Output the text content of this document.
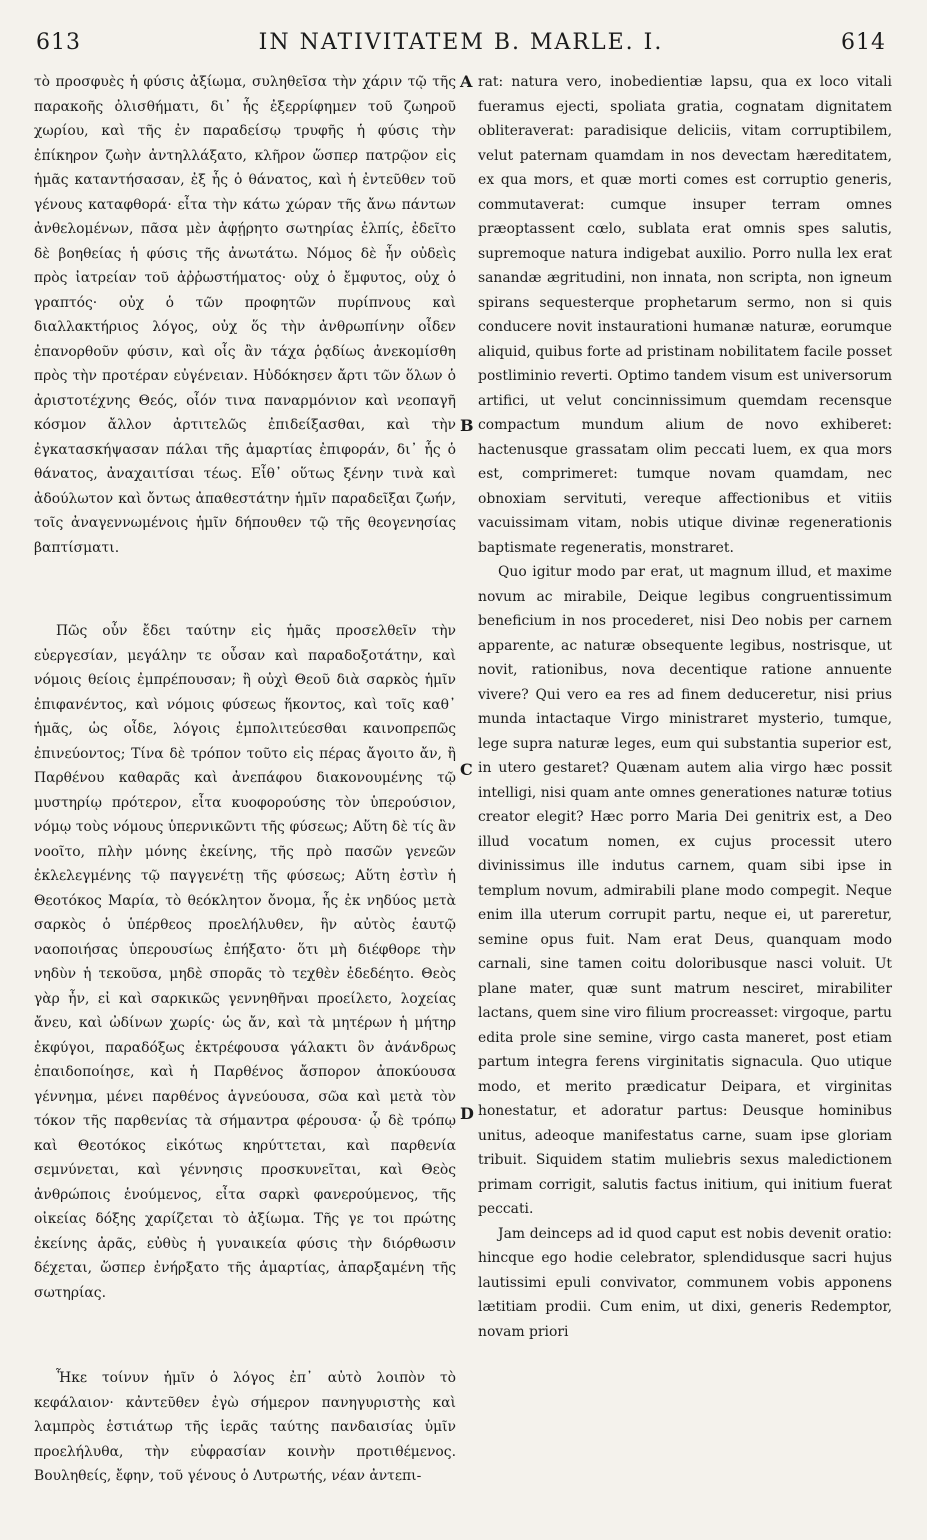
613	IN NATIVITATEM B. MARLE. I.	614

τὸ προσφυὲς ἡ φύσις ἀξίωμα, συληθεῖσα τὴν χάριν τῷ τῆς παρακοῆς ὀλισθήματι, δι᾽ ἧς ἐξερρίφημεν τοῦ ζωηροῦ χωρίου, καὶ τῆς ἐν παραδείσῳ τρυφῆς ἡ φύσις τὴν ἐπίκηρον ζωὴν ἀντηλλάξατο, κλῆρον ὥσπερ πατρῷον εἰς ἡμᾶς καταντήσασαν, ἐξ ἧς ὁ θάνατος, καὶ ἡ ἐντεῦθεν τοῦ γένους καταφθορά· εἶτα τὴν κάτω χώραν τῆς ἄνω πάντων ἀνθελομένων, πᾶσα μὲν ἀφῄρητο σωτηρίας ἐλπίς, ἐδεῖτο δὲ βοηθείας ἡ φύσις τῆς ἀνωτάτω. Νόμος δὲ ἦν οὐδεὶς πρὸς ἰατρείαν τοῦ ἀῤῥωστήματος· οὐχ ὁ ἔμφυτος, οὐχ ὁ γραπτός· οὐχ ὁ τῶν προφητῶν πυρίπνους καὶ διαλλακτήριος λόγος, οὐχ ὅς τὴν ἀνθρωπίνην οἶδεν ἐπανορθοῦν φύσιν, καὶ οἷς ἂν τάχα ῥᾳδίως ἀνεκομίσθη πρὸς τὴν προτέραν εὐγένειαν. Ηὐδόκησεν ἄρτι τῶν ὅλων ὁ ἀριστοτέχνης Θεός, οἷόν τινα παναρμόνιον καὶ νεοπαγῆ κόσμον ἄλλον ἀρτιτελῶς ἐπιδείξασθαι, καὶ τὴν ἐγκατασκήψασαν πάλαι τῆς ἁμαρτίας ἐπιφοράν, δι᾽ ἧς ὁ θάνατος, ἀναχαιτίσαι τέως. Εἶθ᾽ οὕτως ξένην τινὰ καὶ ἀδούλωτον καὶ ὄντως ἀπαθεστάτην ἡμῖν παραδεῖξαι ζωήν, τοῖς ἀναγεννωμένοις ἡμῖν δήπουθεν τῷ τῆς θεογενησίας βαπτίσματι.

Πῶς οὖν ἔδει ταύτην εἰς ἡμᾶς προσελθεῖν τὴν εὐεργεσίαν, μεγάλην τε οὖσαν καὶ παραδοξοτάτην, καὶ νόμοις θείοις ἐμπρέπουσαν; ἢ οὐχὶ Θεοῦ διὰ σαρκὸς ἡμῖν ἐπιφανέντος, καὶ νόμοις φύσεως ἥκοντος, καὶ τοῖς καθ᾽ ἡμᾶς, ὡς οἶδε, λόγοις ἐμπολιτεύεσθαι καινοπρεπῶς ἐπινεύοντος; Τίνα δὲ τρόπον τοῦτο εἰς πέρας ἄγοιτο ἄν, ἢ Παρθένου καθαρᾶς καὶ ἀνεπάφου διακονουμένης τῷ μυστηρίῳ πρότερον, εἶτα κυοφορούσης τὸν ὑπερούσιον, νόμῳ τοὺς νόμους ὑπερνικῶντι τῆς φύσεως; Αὕτη δὲ τίς ἂν νοοῖτο, πλὴν μόνης ἐκείνης, τῆς πρὸ πασῶν γενεῶν ἐκλελεγμένης τῷ παγγενέτῃ τῆς φύσεως; Αὕτη ἐστὶν ἡ Θεοτόκος Μαρία, τὸ θεόκλητον ὄνομα, ἧς ἐκ νηδύος μετὰ σαρκὸς ὁ ὑπέρθεος προελήλυθεν, ἣν αὐτὸς ἑαυτῷ ναοποιήσας ὑπερουσίως ἐπήξατο· ὅτι μὴ διέφθορε τὴν νηδὺν ἡ τεκοῦσα, μηδὲ σπορᾶς τὸ τεχθὲν ἐδεδέητο. Θεὸς γὰρ ἦν, εἰ καὶ σαρκικῶς γεννηθῆναι προείλετο, λοχείας ἄνευ, καὶ ὠδίνων χωρίς· ὡς ἄν, καὶ τὰ μητέρων ἡ μήτηρ ἐκφύγοι, παραδόξως ἐκτρέφουσα γάλακτι ὃν ἀνάνδρως ἐπαιδοποίησε, καὶ ἡ Παρθένος ἄσπορον ἀποκύουσα γέννημα, μένει παρθένος ἁγνεύουσα, σῶα καὶ μετὰ τὸν τόκον τῆς παρθενίας τὰ σήμαντρα φέρουσα· ᾧ δὲ τρόπῳ καὶ Θεοτόκος εἰκότως κηρύττεται, καὶ παρθενία σεμνύνεται, καὶ γέννησις προσκυνεῖται, καὶ Θεὸς ἀνθρώποις ἑνούμενος, εἶτα σαρκὶ φανερούμενος, τῆς οἰκείας δόξης χαρίζεται τὸ ἀξίωμα. Τῆς γε τοι πρώτης ἐκείνης ἀρᾶς, εὐθὺς ἡ γυναικεία φύσις τὴν διόρθωσιν δέχεται, ὥσπερ ἐνήρξατο τῆς ἁμαρτίας, ἀπαρξαμένη τῆς σωτηρίας.

Ἧκε τοίνυν ἡμῖν ὁ λόγος ἐπ᾽ αὐτὸ λοιπὸν τὸ κεφάλαιον· κἀντεῦθεν ἐγὼ σήμερον πανηγυριστὴς καὶ λαμπρὸς ἑστιάτωρ τῆς ἱερᾶς ταύτης πανδαισίας ὑμῖν προελήλυθα, τὴν εὐφρασίαν κοινὴν προτιθέμενος. Βουληθείς, ἔφην, τοῦ γένους ὁ Λυτρωτής, νέαν ἀντεπι-

A
B
C
D

rat: natura vero, inobedientiæ lapsu, qua ex loco vitali fueramus ejecti, spoliata gratia, cognatam dignitatem obliteraverat: paradisique deliciis, vitam corruptibilem, velut paternam quamdam in nos devectam hæreditatem, ex qua mors, et quæ morti comes est corruptio generis, commutaverat: cumque insuper terram omnes præoptassent cœlo, sublata erat omnis spes salutis, supremoque natura indigebat auxilio. Porro nulla lex erat sanandæ ægritudini, non innata, non scripta, non igneum spirans sequesterque prophetarum sermo, non si quis conducere novit instaurationi humanæ naturæ, eorumque aliquid, quibus forte ad pristinam nobilitatem facile posset postliminio reverti. Optimo tandem visum est universorum artifici, ut velut concinnissimum quemdam recensque compactum mundum alium de novo exhiberet: hactenusque grassatam olim peccati luem, ex qua mors est, comprimeret: tumque novam quamdam, nec obnoxiam servituti, vereque affectionibus et vitiis vacuissimam vitam, nobis utique divinæ regenerationis baptismate regeneratis, monstraret.

Quo igitur modo par erat, ut magnum illud, et maxime novum ac mirabile, Deique legibus congruentissimum beneficium in nos procederet, nisi Deo nobis per carnem apparente, ac naturæ obsequente legibus, nostrisque, ut novit, rationibus, nova decentique ratione annuente vivere? Qui vero ea res ad finem deduceretur, nisi prius munda intactaque Virgo ministraret mysterio, tumque, lege supra naturæ leges, eum qui substantia superior est, in utero gestaret? Quænam autem alia virgo hæc possit intelligi, nisi quam ante omnes generationes naturæ totius creator elegit? Hæc porro Maria Dei genitrix est, a Deo illud vocatum nomen, ex cujus processit utero divinissimus ille indutus carnem, quam sibi ipse in templum novum, admirabili plane modo compegit. Neque enim illa uterum corrupit partu, neque ei, ut pareretur, semine opus fuit. Nam erat Deus, quanquam modo carnali, sine tamen coitu doloribusque nasci voluit. Ut plane mater, quæ sunt matrum nesciret, mirabiliter lactans, quem sine viro filium procreasset: virgoque, partu edita prole sine semine, virgo casta maneret, post etiam partum integra ferens virginitatis signacula. Quo utique modo, et merito prædicatur Deipara, et virginitas honestatur, et adoratur partus: Deusque hominibus unitus, adeoque manifestatus carne, suam ipse gloriam tribuit. Siquidem statim muliebris sexus maledictionem primam corrigit, salutis factus initium, qui initium fuerat peccati.

Jam deinceps ad id quod caput est nobis devenit oratio: hincque ego hodie celebrator, splendidusque sacri hujus lautissimi epuli convivator, communem vobis apponens lætitiam prodii. Cum enim, ut dixi, generis Redemptor, novam priori
